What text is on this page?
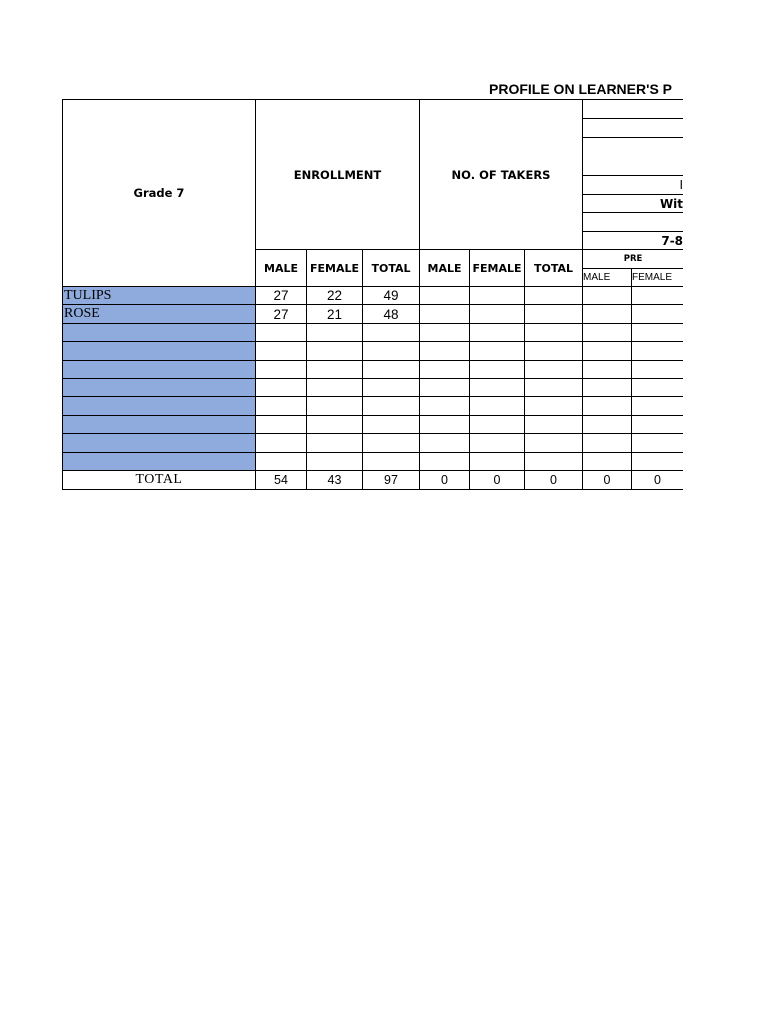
PROFILE ON LEARNER'S P
Grade 7	ENROLLMENT			NO. OF TAKERS				

							I	
							Wit	

							7-8	

	MALE	FEMALE	TOTAL	MALE	FEMALE	TOTAL	PRE	
							MALE	FEMALE
TULIPS	27	22	49					
ROSE	27	21	48					

TOTAL	54	43	97	0	0	0	0	0
